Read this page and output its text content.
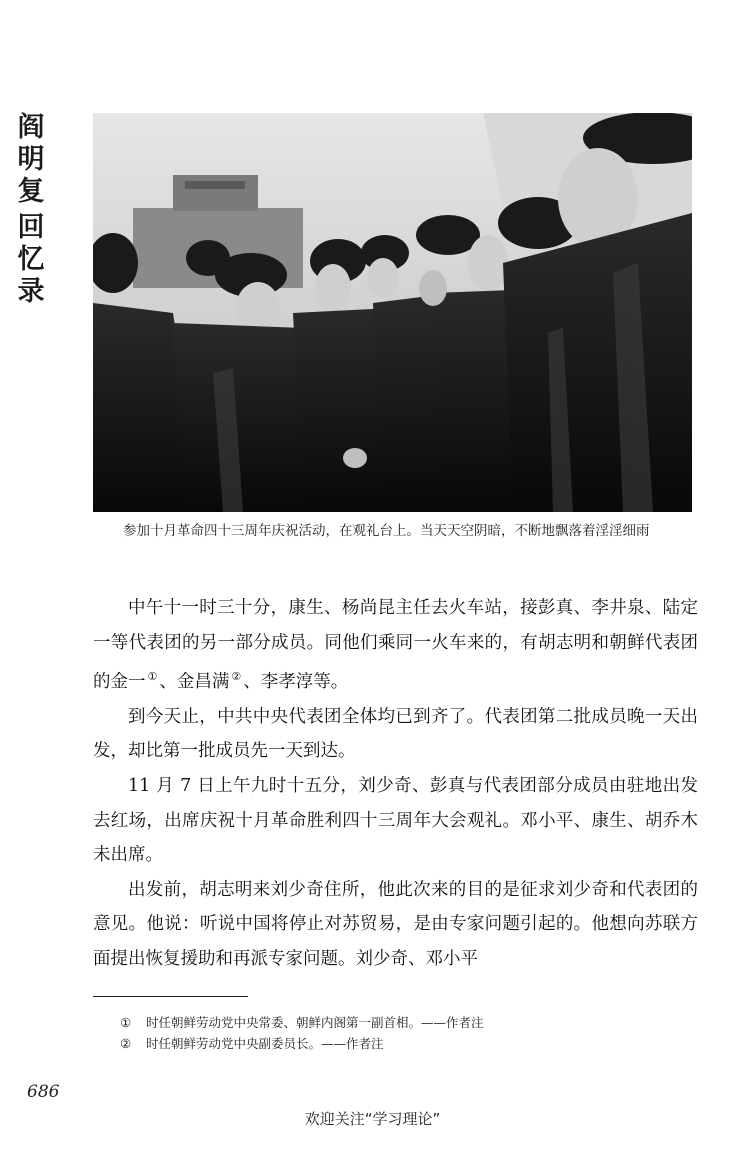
阎
明
复
回
忆
录
参加十月革命四十三周年庆祝活动，在观礼台上。当天天空阴暗，不断地飘落着淫淫细雨

中午十一时三十分，康生、杨尚昆主任去火车站，接彭真、李井泉、陆定一等代表团的另一部分成员。同他们乘同一火车来的，有胡志明和朝鲜代表团的金一 ① 、金昌满 ② 、李孝淳等。

到今天止，中共中央代表团全体均已到齐了。代表团第二批成员晚一天出发，却比第一批成员先一天到达。

11 月 7 日上午九时十五分，刘少奇、彭真与代表团部分成员由驻地出发去红场，出席庆祝十月革命胜利四十三周年大会观礼。邓小平、康生、胡乔木未出席。

出发前，胡志明来刘少奇住所，他此次来的目的是征求刘少奇和代表团的意见。他说：听说中国将停止对苏贸易，是由专家问题引起的。他想向苏联方面提出恢复援助和再派专家问题。刘少奇、邓小平

①	时任朝鲜劳动党中央常委、朝鲜内阁第一副首相。——作者注
②	时任朝鲜劳动党中央副委员长。——作者注
686
欢迎关注“学习理论”
